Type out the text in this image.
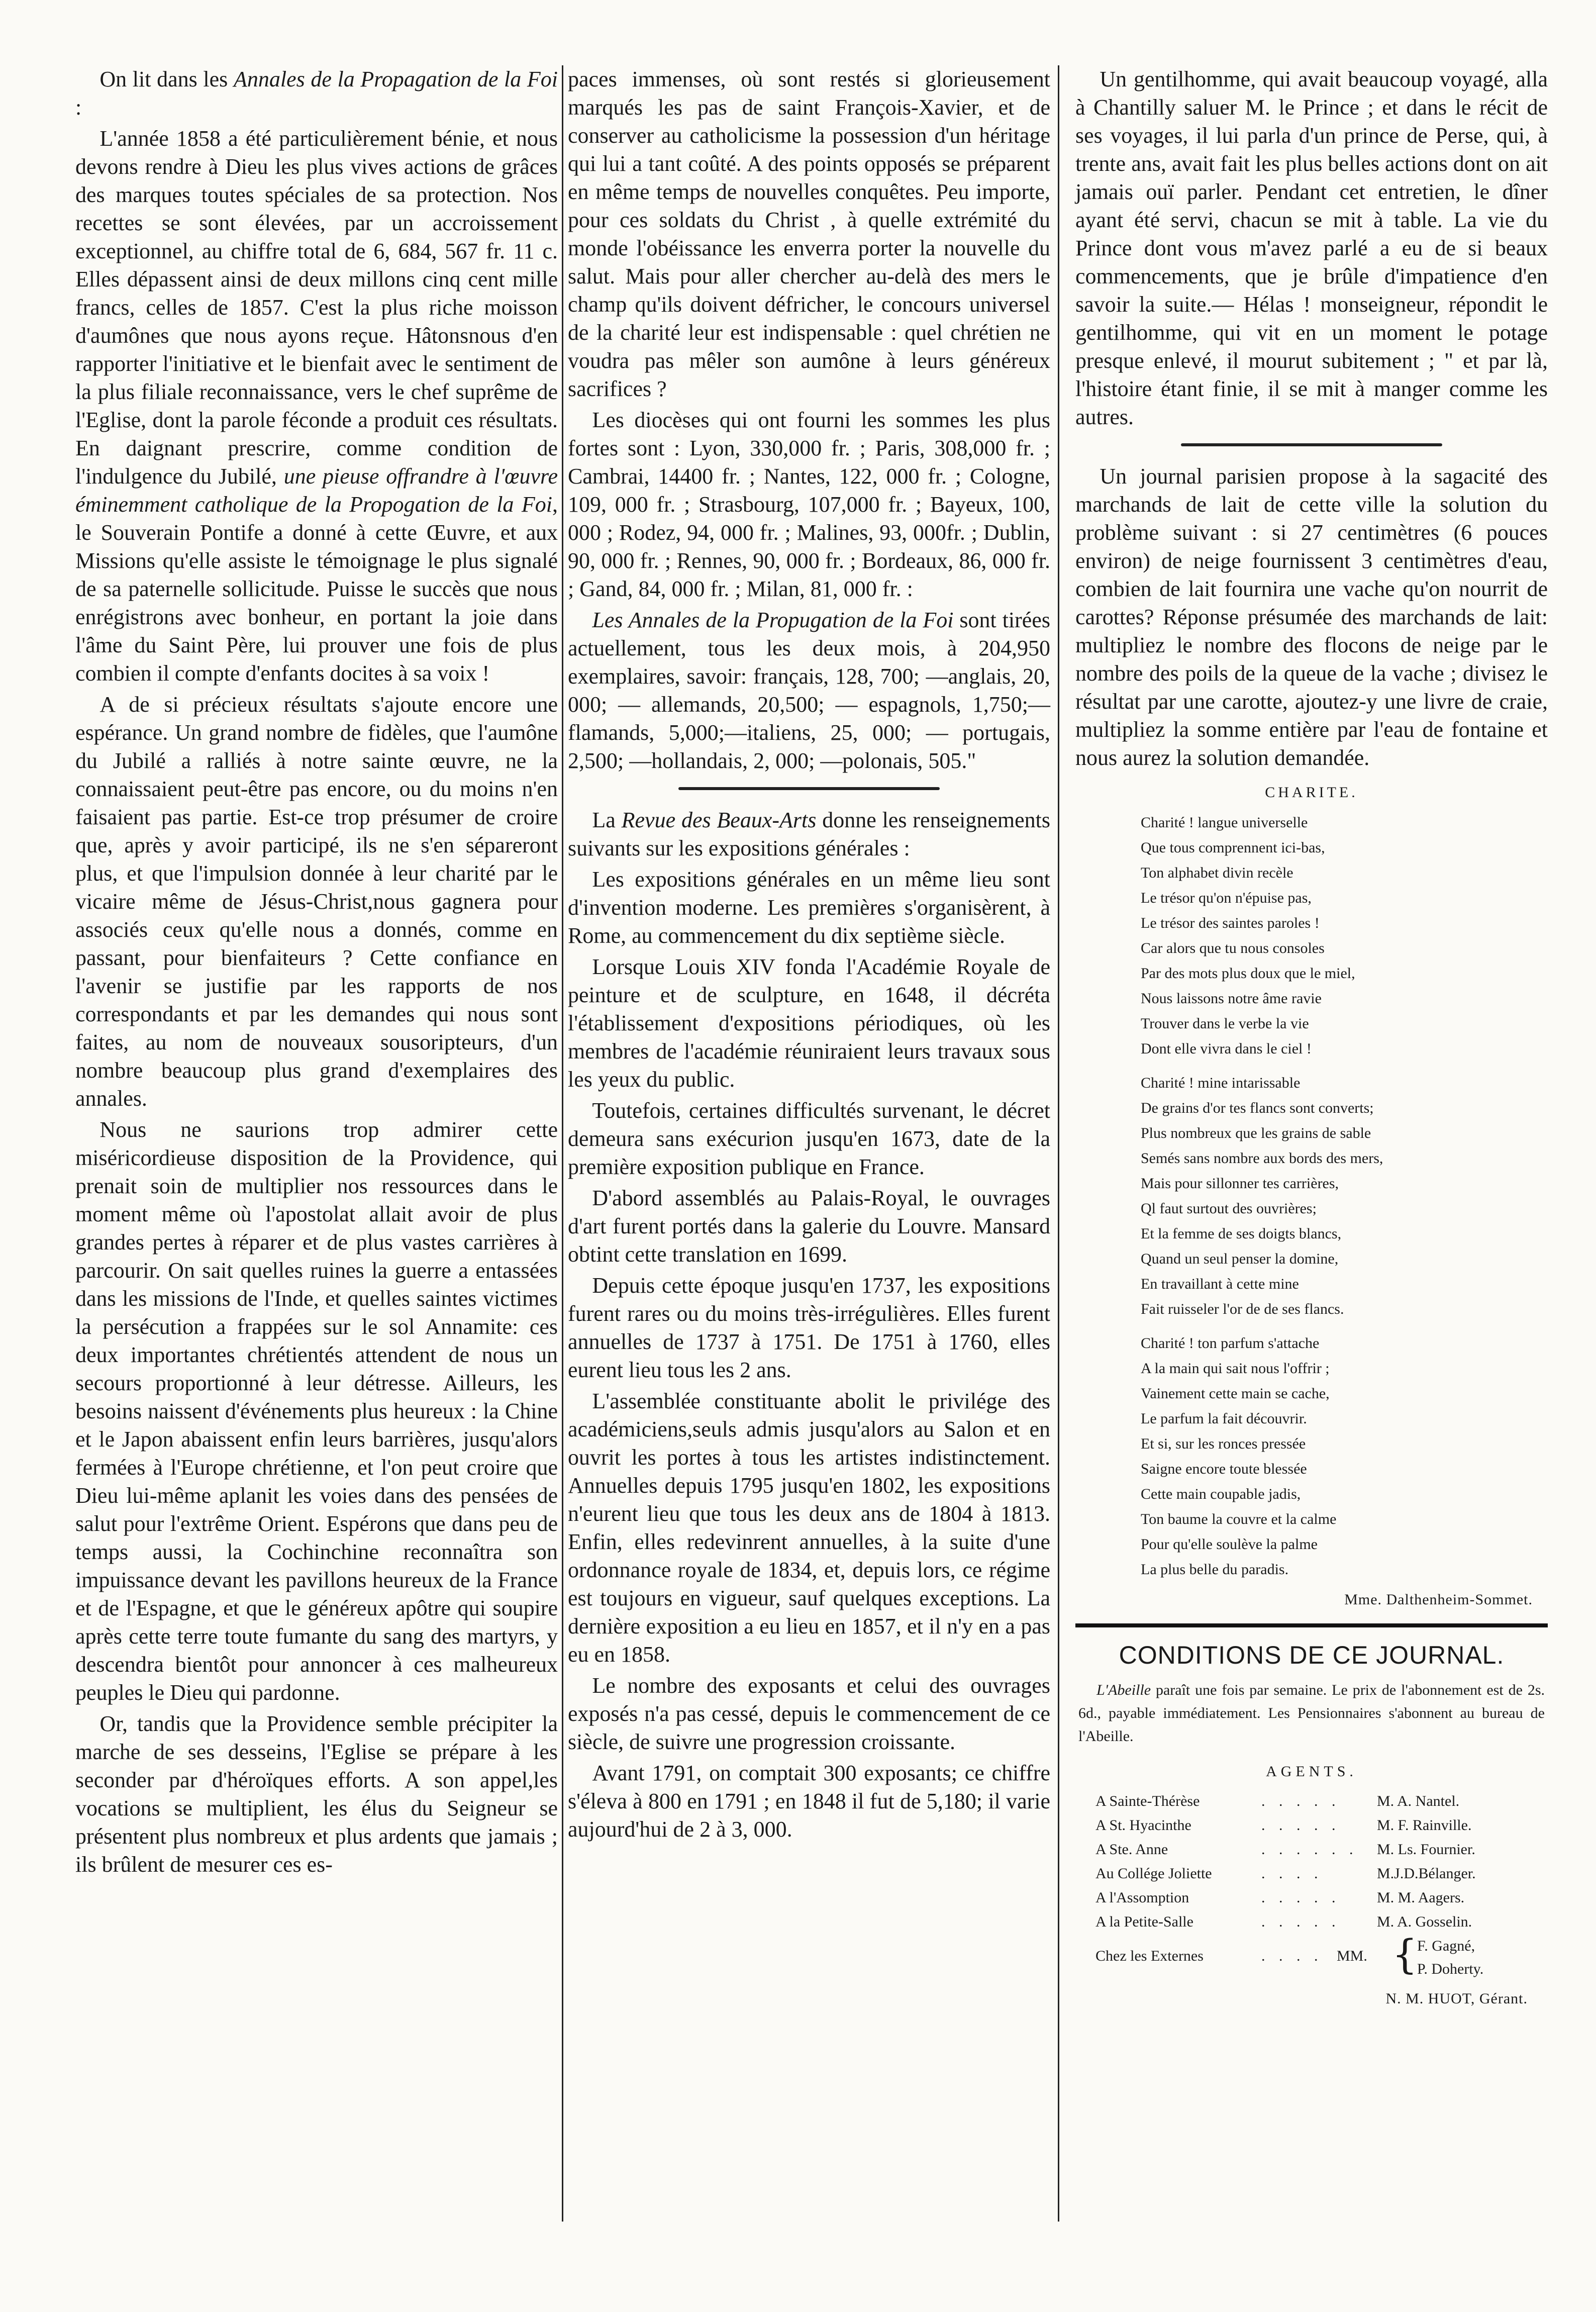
On lit dans les Annales de la Propagation de la Foi :

L'année 1858 a été particulièrement bénie, et nous devons rendre à Dieu les plus vives actions de grâces des marques toutes spéciales de sa protection. Nos recettes se sont élevées, par un accroissement exceptionnel, au chiffre total de 6, 684, 567 fr. 11 c. Elles dépassent ainsi de deux millons cinq cent mille francs, celles de 1857. C'est la plus riche moisson d'aumônes que nous ayons reçue. Hâtonsnous d'en rapporter l'initiative et le bienfait avec le sentiment de la plus filiale reconnaissance, vers le chef suprême de l'Eglise, dont la parole féconde a produit ces résultats. En daignant prescrire, comme condition de l'indulgence du Jubilé, une pieuse offrandre à l'œuvre éminemment catholique de la Propogation de la Foi, le Souverain Pontife a donné à cette Œuvre, et aux Missions qu'elle assiste le témoignage le plus signalé de sa paternelle sollicitude. Puisse le succès que nous enrégistrons avec bonheur, en portant la joie dans l'âme du Saint Père, lui prouver une fois de plus combien il compte d'enfants docites à sa voix !

A de si précieux résultats s'ajoute encore une espérance. Un grand nombre de fidèles, que l'aumône du Jubilé a ralliés à notre sainte œuvre, ne la connaissaient peut-être pas encore, ou du moins n'en faisaient pas partie. Est-ce trop présumer de croire que, après y avoir participé, ils ne s'en sépareront plus, et que l'impulsion donnée à leur charité par le vicaire même de Jésus-Christ,nous gagnera pour associés ceux qu'elle nous a donnés, comme en passant, pour bienfaiteurs ? Cette confiance en l'avenir se justifie par les rapports de nos correspondants et par les demandes qui nous sont faites, au nom de nouveaux sousoripteurs, d'un nombre beaucoup plus grand d'exemplaires des annales.

Nous ne saurions trop admirer cette miséricordieuse disposition de la Providence, qui prenait soin de multiplier nos ressources dans le moment même où l'apostolat allait avoir de plus grandes pertes à réparer et de plus vastes carrières à parcourir. On sait quelles ruines la guerre a entassées dans les missions de l'Inde, et quelles saintes victimes la persécution a frappées sur le sol Annamite: ces deux importantes chrétientés attendent de nous un secours proportionné à leur détresse. Ailleurs, les besoins naissent d'événements plus heureux : la Chine et le Japon abaissent enfin leurs barrières, jusqu'alors fermées à l'Europe chrétienne, et l'on peut croire que Dieu lui-même aplanit les voies dans des pensées de salut pour l'extrême Orient. Espérons que dans peu de temps aussi, la Cochinchine reconnaîtra son impuissance devant les pavillons heureux de la France et de l'Espagne, et que le généreux apôtre qui soupire après cette terre toute fumante du sang des martyrs, y descendra bientôt pour annoncer à ces malheureux peuples le Dieu qui pardonne.

Or, tandis que la Providence semble précipiter la marche de ses desseins, l'Eglise se prépare à les seconder par d'héroïques efforts. A son appel,les vocations se multiplient, les élus du Seigneur se présentent plus nombreux et plus ardents que jamais ; ils brûlent de mesurer ces es-

paces immenses, où sont restés si glorieusement marqués les pas de saint François-Xavier, et de conserver au catholicisme la possession d'un héritage qui lui a tant coûté. A des points opposés se préparent en même temps de nouvelles conquêtes. Peu importe, pour ces soldats du Christ , à quelle extrémité du monde l'obéissance les enverra porter la nouvelle du salut. Mais pour aller chercher au-delà des mers le champ qu'ils doivent défricher, le concours universel de la charité leur est indispensable : quel chrétien ne voudra pas mêler son aumône à leurs généreux sacrifices ?

Les diocèses qui ont fourni les sommes les plus fortes sont : Lyon, 330,000 fr. ; Paris, 308,000 fr. ; Cambrai, 14400 fr. ; Nantes, 122, 000 fr. ; Cologne, 109, 000 fr. ; Strasbourg, 107,000 fr. ; Bayeux, 100, 000 ; Rodez, 94, 000 fr. ; Malines, 93, 000fr. ; Dublin, 90, 000 fr. ; Rennes, 90, 000 fr. ; Bordeaux, 86, 000 fr. ; Gand, 84, 000 fr. ; Milan, 81, 000 fr. :

Les Annales de la Propugation de la Foi sont tirées actuellement, tous les deux mois, à 204,950 exemplaires, savoir: français, 128, 700; —anglais, 20, 000; — allemands, 20,500; — espagnols, 1,750;—flamands, 5,000;—italiens, 25, 000; — portugais, 2,500; —hollandais, 2, 000; —polonais, 505."

La Revue des Beaux-Arts donne les renseignements suivants sur les expositions générales :

Les expositions générales en un même lieu sont d'invention moderne. Les premières s'organisèrent, à Rome, au commencement du dix septième siècle.

Lorsque Louis XIV fonda l'Académie Royale de peinture et de sculpture, en 1648, il décréta l'établissement d'expositions périodiques, où les membres de l'académie réuniraient leurs travaux sous les yeux du public.

Toutefois, certaines difficultés survenant, le décret demeura sans exécurion jusqu'en 1673, date de la première exposition publique en France.

D'abord assemblés au Palais-Royal, le ouvrages d'art furent portés dans la galerie du Louvre. Mansard obtint cette translation en 1699.

Depuis cette époque jusqu'en 1737, les expositions furent rares ou du moins très-irrégulières. Elles furent annuelles de 1737 à 1751. De 1751 à 1760, elles eurent lieu tous les 2 ans.

L'assemblée constituante abolit le privilége des académiciens,seuls admis jusqu'alors au Salon et en ouvrit les portes à tous les artistes indistinctement. Annuelles depuis 1795 jusqu'en 1802, les expositions n'eurent lieu que tous les deux ans de 1804 à 1813. Enfin, elles redevinrent annuelles, à la suite d'une ordonnance royale de 1834, et, depuis lors, ce régime est toujours en vigueur, sauf quelques exceptions. La dernière exposition a eu lieu en 1857, et il n'y en a pas eu en 1858.

Le nombre des exposants et celui des ouvrages exposés n'a pas cessé, depuis le commencement de ce siècle, de suivre une progression croissante.

Avant 1791, on comptait 300 exposants; ce chiffre s'éleva à 800 en 1791 ; en 1848 il fut de 5,180; il varie aujourd'hui de 2 à 3, 000.

Un gentilhomme, qui avait beaucoup voyagé, alla à Chantilly saluer M. le Prince ; et dans le récit de ses voyages, il lui parla d'un prince de Perse, qui, à trente ans, avait fait les plus belles actions dont on ait jamais ouï parler. Pendant cet entretien, le dîner ayant été servi, chacun se mit à table. La vie du Prince dont vous m'avez parlé a eu de si beaux commencements, que je brûle d'impatience d'en savoir la suite.— Hélas ! monseigneur, répondit le gentilhomme, qui vit en un moment le potage presque enlevé, il mourut subitement ; " et par là, l'histoire étant finie, il se mit à manger comme les autres.

Un journal parisien propose à la sagacité des marchands de lait de cette ville la solution du problème suivant : si 27 centimètres (6 pouces environ) de neige fournissent 3 centimètres d'eau, combien de lait fournira une vache qu'on nourrit de carottes? Réponse présumée des marchands de lait: multipliez le nombre des flocons de neige par le nombre des poils de la queue de la vache ; divisez le résultat par une carotte, ajoutez-y une livre de craie, multipliez la somme entière par l'eau de fontaine et nous aurez la solution demandée.

CHARITE.
Charité ! langue universelle
Que tous comprennent ici-bas,
Ton alphabet divin recèle
Le trésor qu'on n'épuise pas,
Le trésor des saintes paroles !
Car alors que tu nous consoles
Par des mots plus doux que le miel,
Nous laissons notre âme ravie
Trouver dans le verbe la vie
Dont elle vivra dans le ciel !
Charité ! mine intarissable
De grains d'or tes flancs sont converts;
Plus nombreux que les grains de sable
Semés sans nombre aux bords des mers,
Mais pour sillonner tes carrières,
Ql faut surtout des ouvrières;
Et la femme de ses doigts blancs,
Quand un seul penser la domine,
En travaillant à cette mine
Fait ruisseler l'or de de ses flancs.
Charité ! ton parfum s'attache
A la main qui sait nous l'offrir ;
Vainement cette main se cache,
Le parfum la fait découvrir.
Et si, sur les ronces pressée
Saigne encore toute blessée
Cette main coupable jadis,
Ton baume la couvre et la calme
Pour qu'elle soulève la palme
La plus belle du paradis.
Mme. Dalthenheim-Sommet.
CONDITIONS DE CE JOURNAL.
L'Abeille paraît une fois par semaine. Le prix de l'abonnement est de 2s. 6d., payable immédiatement. Les Pensionnaires s'abonnent au bureau de l'Abeille.
AGENTS.
A Sainte-Thérèse	. . . . . M. A. Nantel.
A St. Hyacinthe	. . . . . M. F. Rainville.
A Ste. Anne	. . . . . . M. Ls. Fournier.
Au Collége Joliette	. . . .	M.J.D.Bélanger.
A l'Assomption	. . . . . M. M. Aagers.
A la Petite-Salle	. . . . . M. A. Gosselin.
Chez les Externes	. . . . MM. { F. Gagné,
P. Doherty.
N. M. HUOT, Gérant.
